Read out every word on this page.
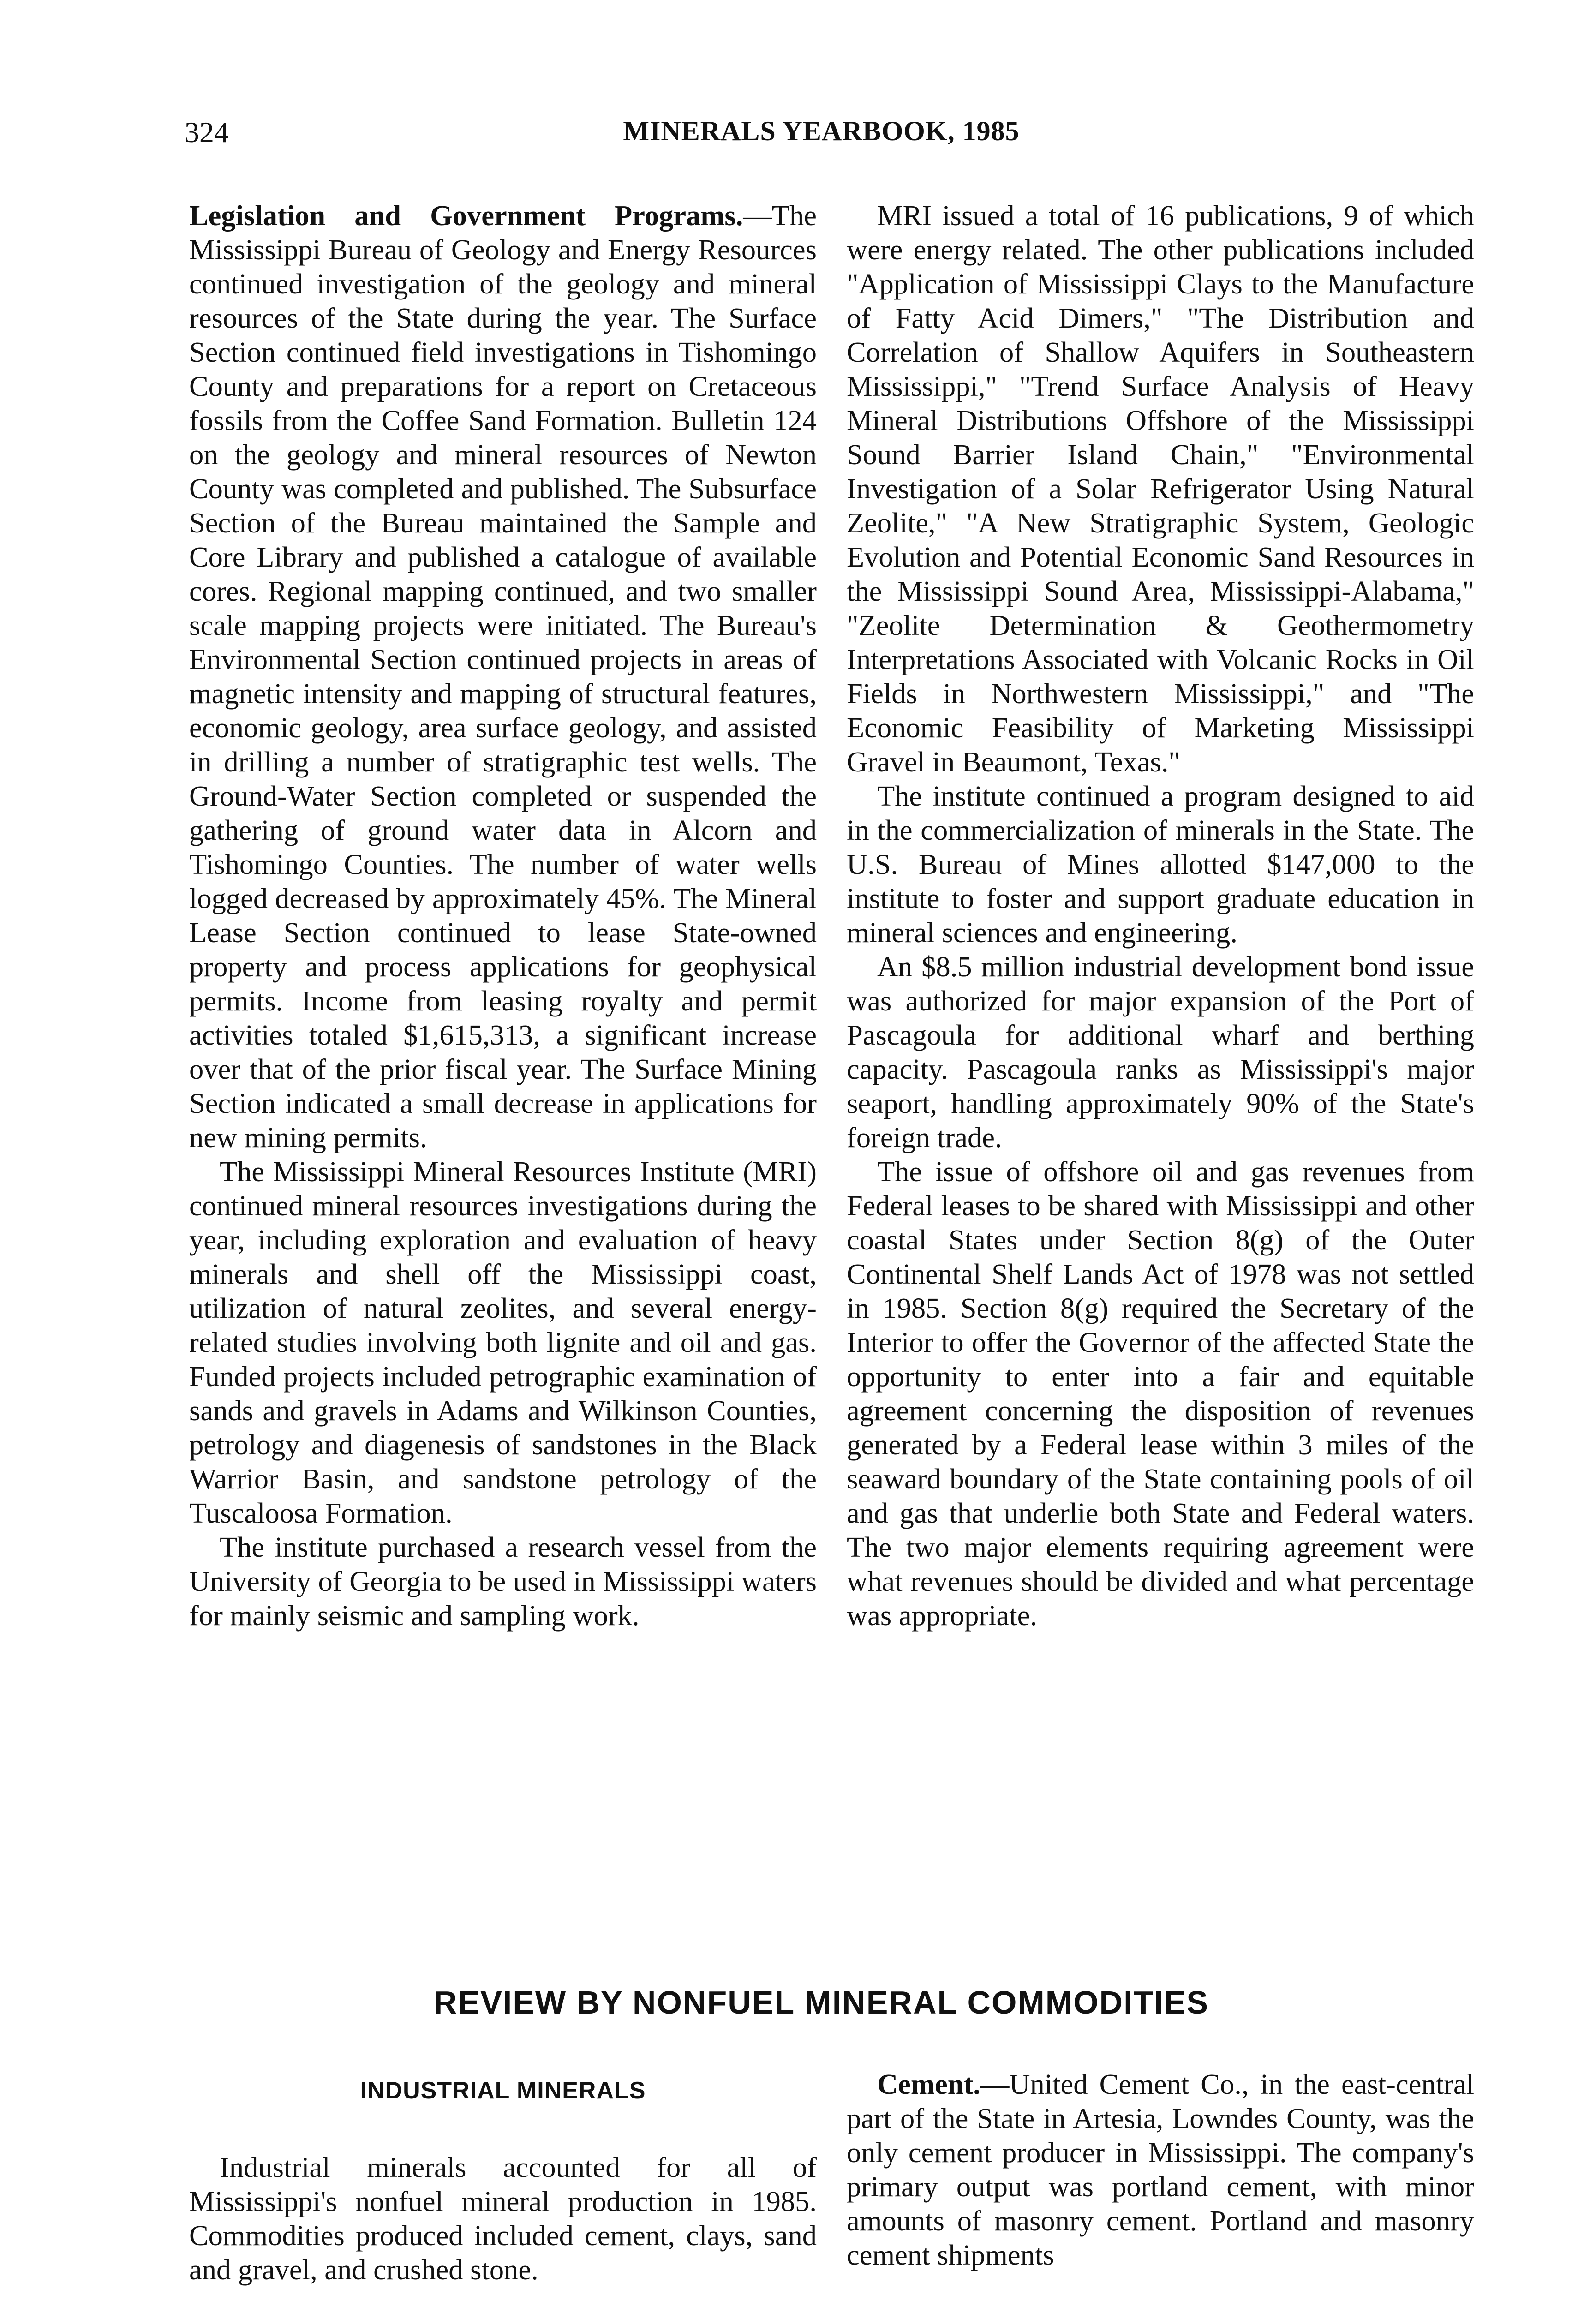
324	MINERALS YEARBOOK, 1985

Legislation and Government Programs.—The Mississippi Bureau of Geology and Energy Resources continued investigation of the geology and mineral resources of the State during the year. The Surface Section continued field investigations in Tishomingo County and preparations for a report on Cretaceous fossils from the Coffee Sand Formation. Bulletin 124 on the geology and mineral resources of Newton County was completed and published. The Subsurface Section of the Bureau maintained the Sample and Core Library and published a catalogue of available cores. Regional mapping continued, and two smaller scale mapping projects were initiated. The Bureau's Environmental Section continued projects in areas of magnetic intensity and mapping of structural features, economic geology, area surface geology, and assisted in drilling a number of stratigraphic test wells. The Ground-Water Section completed or suspended the gathering of ground water data in Alcorn and Tishomingo Counties. The number of water wells logged decreased by approximately 45%. The Mineral Lease Section continued to lease State-owned property and process applications for geophysical permits. Income from leasing royalty and permit activities totaled $1,615,313, a significant increase over that of the prior fiscal year. The Surface Mining Section indicated a small decrease in applications for new mining permits.

The Mississippi Mineral Resources Institute (MRI) continued mineral resources investigations during the year, including exploration and evaluation of heavy minerals and shell off the Mississippi coast, utilization of natural zeolites, and several energy-related studies involving both lignite and oil and gas. Funded projects included petrographic examination of sands and gravels in Adams and Wilkinson Counties, petrology and diagenesis of sandstones in the Black Warrior Basin, and sandstone petrology of the Tuscaloosa Formation.

The institute purchased a research vessel from the University of Georgia to be used in Mississippi waters for mainly seismic and sampling work.

MRI issued a total of 16 publications, 9 of which were energy related. The other publications included "Application of Mississippi Clays to the Manufacture of Fatty Acid Dimers," "The Distribution and Correlation of Shallow Aquifers in Southeastern Mississippi," "Trend Surface Analysis of Heavy Mineral Distributions Offshore of the Mississippi Sound Barrier Island Chain," "Environmental Investigation of a Solar Refrigerator Using Natural Zeolite," "A New Stratigraphic System, Geologic Evolution and Potential Economic Sand Resources in the Mississippi Sound Area, Mississippi-Alabama," "Zeolite Determination & Geothermometry Interpretations Associated with Volcanic Rocks in Oil Fields in Northwestern Mississippi," and "The Economic Feasibility of Marketing Mississippi Gravel in Beaumont, Texas."

The institute continued a program designed to aid in the commercialization of minerals in the State. The U.S. Bureau of Mines allotted $147,000 to the institute to foster and support graduate education in mineral sciences and engineering.

An $8.5 million industrial development bond issue was authorized for major expansion of the Port of Pascagoula for additional wharf and berthing capacity. Pascagoula ranks as Mississippi's major seaport, handling approximately 90% of the State's foreign trade.

The issue of offshore oil and gas revenues from Federal leases to be shared with Mississippi and other coastal States under Section 8(g) of the Outer Continental Shelf Lands Act of 1978 was not settled in 1985. Section 8(g) required the Secretary of the Interior to offer the Governor of the affected State the opportunity to enter into a fair and equitable agreement concerning the disposition of revenues generated by a Federal lease within 3 miles of the seaward boundary of the State containing pools of oil and gas that underlie both State and Federal waters. The two major elements requiring agreement were what revenues should be divided and what percentage was appropriate.

REVIEW BY NONFUEL MINERAL COMMODITIES
INDUSTRIAL MINERALS

Industrial minerals accounted for all of Mississippi's nonfuel mineral production in 1985. Commodities produced included cement, clays, sand and gravel, and crushed stone.

Cement.—United Cement Co., in the east-central part of the State in Artesia, Lowndes County, was the only cement producer in Mississippi. The company's primary output was portland cement, with minor amounts of masonry cement. Portland and masonry cement shipments
